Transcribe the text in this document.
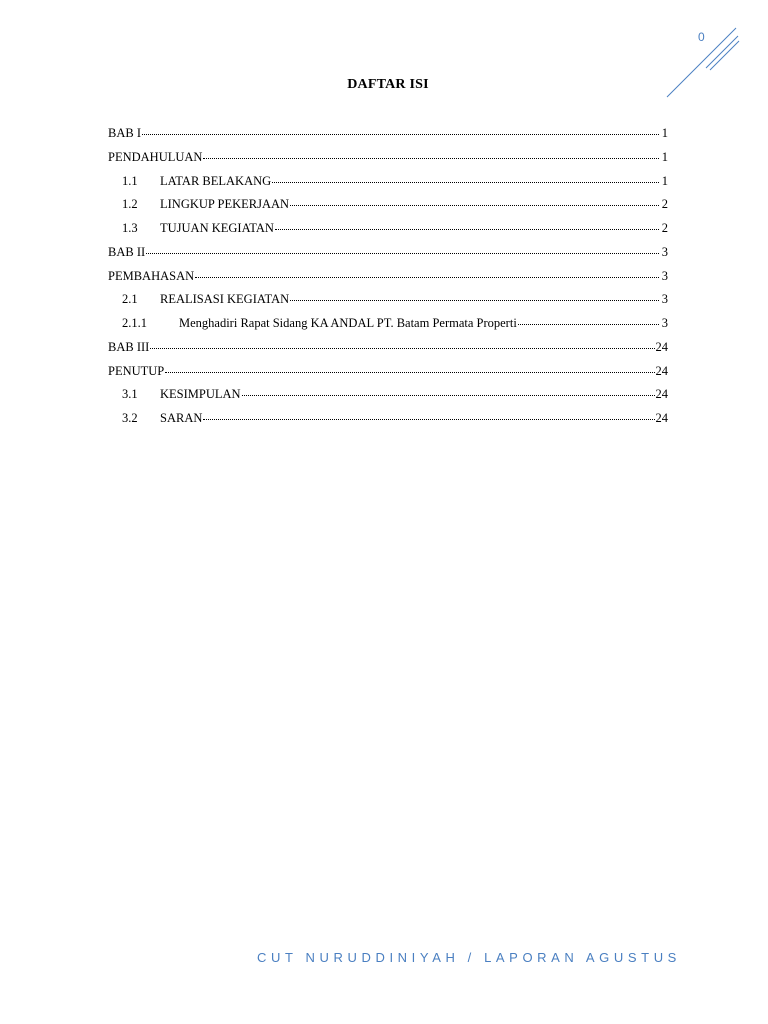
0
DAFTAR ISI
BAB I	1
PENDAHULUAN	1
1.1	LATAR BELAKANG	1
1.2	LINGKUP PEKERJAAN	2
1.3	TUJUAN KEGIATAN	2
BAB II	3
PEMBAHASAN	3
2.1	REALISASI KEGIATAN	3
2.1.1	Menghadiri Rapat Sidang KA ANDAL PT. Batam Permata Properti	3
BAB III	24
PENUTUP	24
3.1	KESIMPULAN	24
3.2	SARAN	24
CUT NURUDDINIYAH / LAPORAN AGUSTUS
